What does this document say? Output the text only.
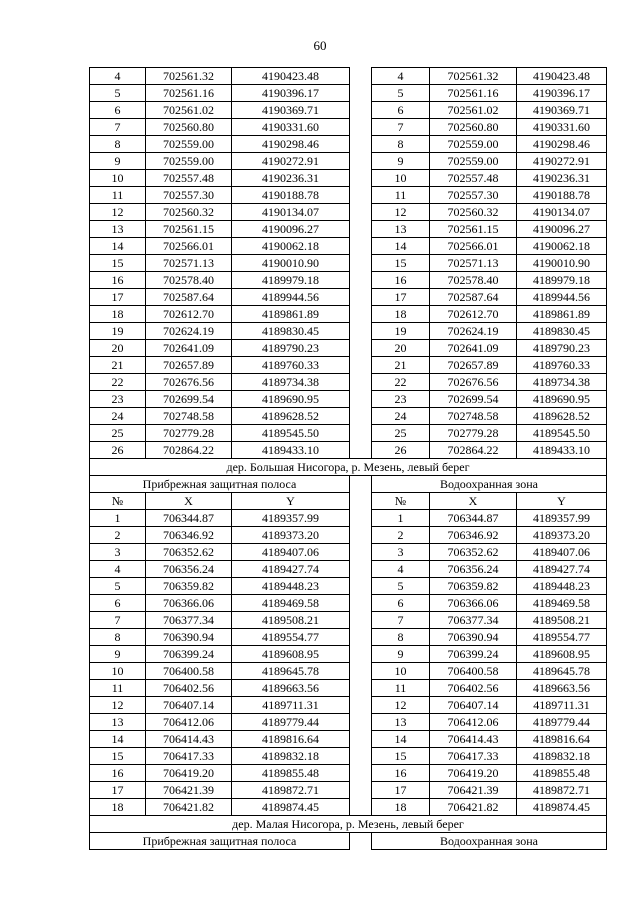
60
4	702561.32	4190423.48		4	702561.32	4190423.48
5	702561.16	4190396.17		5	702561.16	4190396.17
6	702561.02	4190369.71		6	702561.02	4190369.71
7	702560.80	4190331.60		7	702560.80	4190331.60
8	702559.00	4190298.46		8	702559.00	4190298.46
9	702559.00	4190272.91		9	702559.00	4190272.91
10	702557.48	4190236.31		10	702557.48	4190236.31
11	702557.30	4190188.78		11	702557.30	4190188.78
12	702560.32	4190134.07		12	702560.32	4190134.07
13	702561.15	4190096.27		13	702561.15	4190096.27
14	702566.01	4190062.18		14	702566.01	4190062.18
15	702571.13	4190010.90		15	702571.13	4190010.90
16	702578.40	4189979.18		16	702578.40	4189979.18
17	702587.64	4189944.56		17	702587.64	4189944.56
18	702612.70	4189861.89		18	702612.70	4189861.89
19	702624.19	4189830.45		19	702624.19	4189830.45
20	702641.09	4189790.23		20	702641.09	4189790.23
21	702657.89	4189760.33		21	702657.89	4189760.33
22	702676.56	4189734.38		22	702676.56	4189734.38
23	702699.54	4189690.95		23	702699.54	4189690.95
24	702748.58	4189628.52		24	702748.58	4189628.52
25	702779.28	4189545.50		25	702779.28	4189545.50
26	702864.22	4189433.10		26	702864.22	4189433.10
дер. Большая Нисогора, р. Мезень, левый берег						
Прибрежная защитная полоса				Водоохранная зона		
№	X	Y		№	X	Y
1	706344.87	4189357.99		1	706344.87	4189357.99
2	706346.92	4189373.20		2	706346.92	4189373.20
3	706352.62	4189407.06		3	706352.62	4189407.06
4	706356.24	4189427.74		4	706356.24	4189427.74
5	706359.82	4189448.23		5	706359.82	4189448.23
6	706366.06	4189469.58		6	706366.06	4189469.58
7	706377.34	4189508.21		7	706377.34	4189508.21
8	706390.94	4189554.77		8	706390.94	4189554.77
9	706399.24	4189608.95		9	706399.24	4189608.95
10	706400.58	4189645.78		10	706400.58	4189645.78
11	706402.56	4189663.56		11	706402.56	4189663.56
12	706407.14	4189711.31		12	706407.14	4189711.31
13	706412.06	4189779.44		13	706412.06	4189779.44
14	706414.43	4189816.64		14	706414.43	4189816.64
15	706417.33	4189832.18		15	706417.33	4189832.18
16	706419.20	4189855.48		16	706419.20	4189855.48
17	706421.39	4189872.71		17	706421.39	4189872.71
18	706421.82	4189874.45		18	706421.82	4189874.45
дер. Малая Нисогора, р. Мезень, левый берег						
Прибрежная защитная полоса				Водоохранная зона		
